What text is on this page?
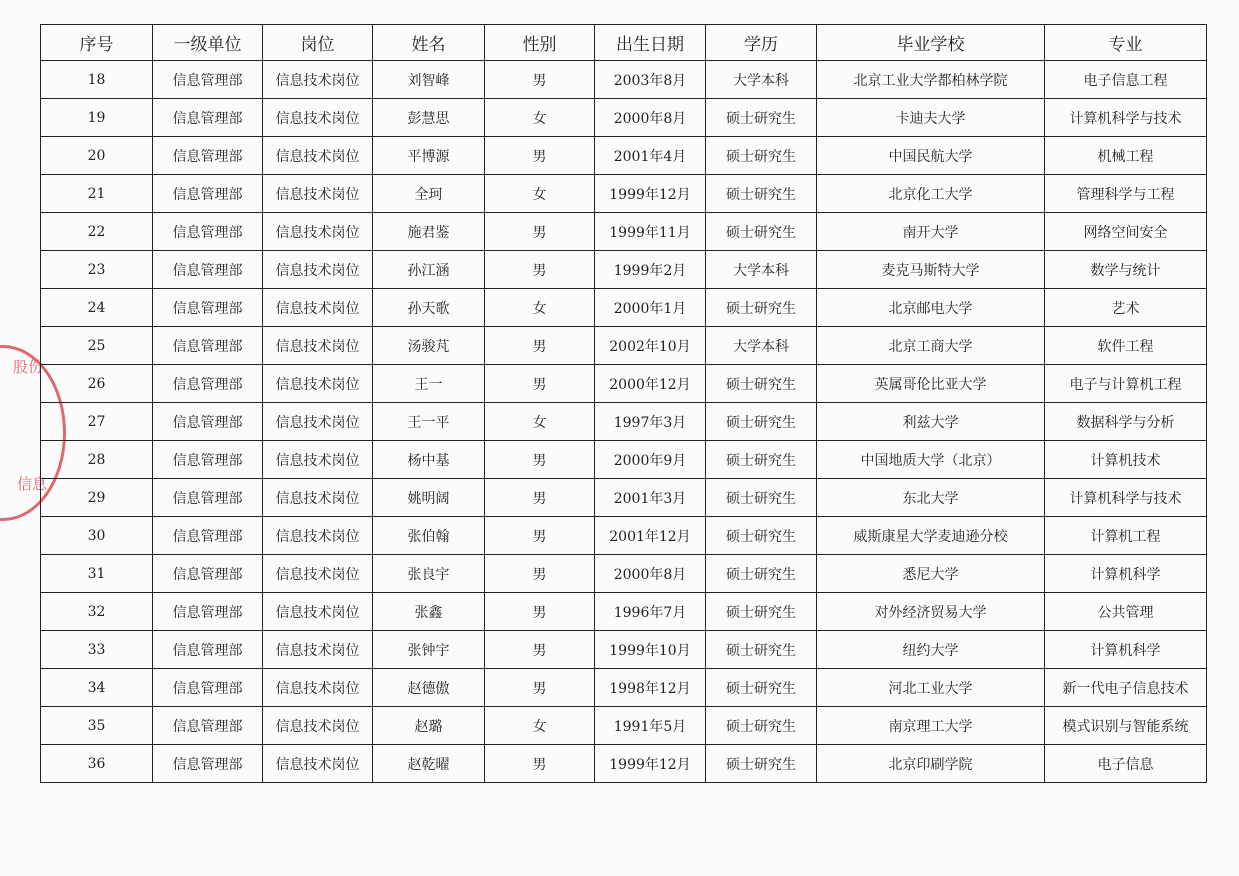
股份
信息
序号	一级单位	岗位	姓名	性别	出生日期	学历	毕业学校	专业
18	信息管理部	信息技术岗位	刘智峰	男	2003年8月	大学本科	北京工业大学都柏林学院	电子信息工程
19	信息管理部	信息技术岗位	彭慧思	女	2000年8月	硕士研究生	卡迪夫大学	计算机科学与技术
20	信息管理部	信息技术岗位	平博源	男	2001年4月	硕士研究生	中国民航大学	机械工程
21	信息管理部	信息技术岗位	全珂	女	1999年12月	硕士研究生	北京化工大学	管理科学与工程
22	信息管理部	信息技术岗位	施君鉴	男	1999年11月	硕士研究生	南开大学	网络空间安全
23	信息管理部	信息技术岗位	孙江涵	男	1999年2月	大学本科	麦克马斯特大学	数学与统计
24	信息管理部	信息技术岗位	孙天歌	女	2000年1月	硕士研究生	北京邮电大学	艺术
25	信息管理部	信息技术岗位	汤骏芃	男	2002年10月	大学本科	北京工商大学	软件工程
26	信息管理部	信息技术岗位	王一	男	2000年12月	硕士研究生	英属哥伦比亚大学	电子与计算机工程
27	信息管理部	信息技术岗位	王一平	女	1997年3月	硕士研究生	利兹大学	数据科学与分析
28	信息管理部	信息技术岗位	杨中基	男	2000年9月	硕士研究生	中国地质大学（北京）	计算机技术
29	信息管理部	信息技术岗位	姚明阔	男	2001年3月	硕士研究生	东北大学	计算机科学与技术
30	信息管理部	信息技术岗位	张伯翰	男	2001年12月	硕士研究生	威斯康星大学麦迪逊分校	计算机工程
31	信息管理部	信息技术岗位	张良宇	男	2000年8月	硕士研究生	悉尼大学	计算机科学
32	信息管理部	信息技术岗位	张鑫	男	1996年7月	硕士研究生	对外经济贸易大学	公共管理
33	信息管理部	信息技术岗位	张钟宇	男	1999年10月	硕士研究生	纽约大学	计算机科学
34	信息管理部	信息技术岗位	赵德傲	男	1998年12月	硕士研究生	河北工业大学	新一代电子信息技术
35	信息管理部	信息技术岗位	赵璐	女	1991年5月	硕士研究生	南京理工大学	模式识别与智能系统
36	信息管理部	信息技术岗位	赵乾曜	男	1999年12月	硕士研究生	北京印刷学院	电子信息
